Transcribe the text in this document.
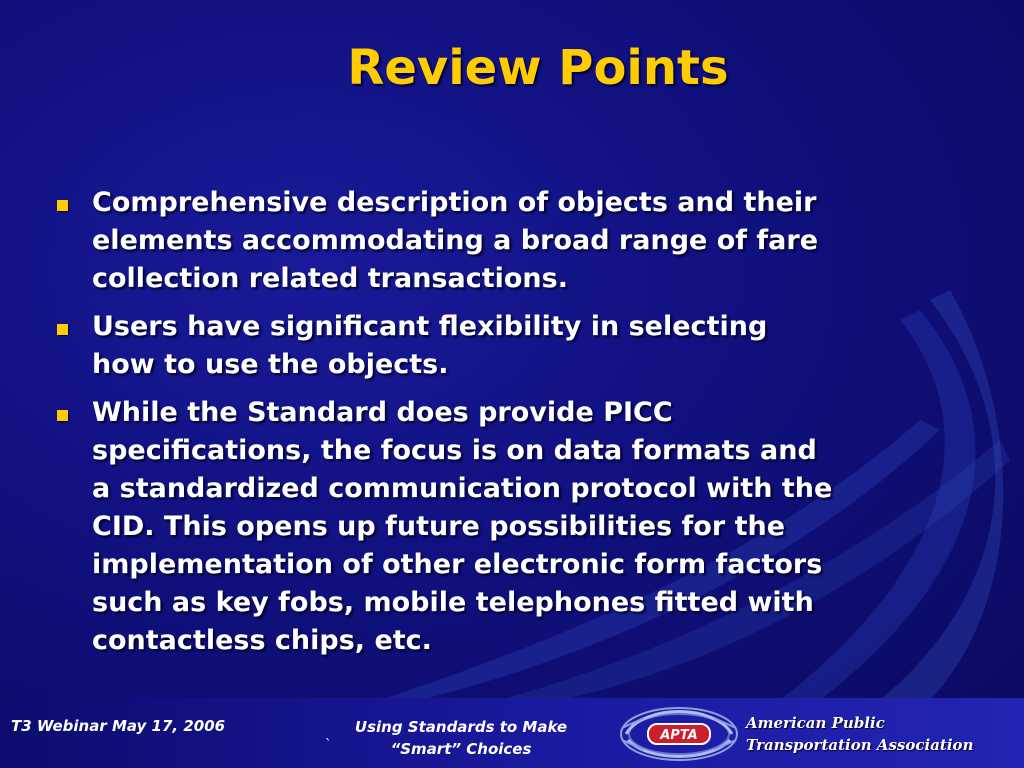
Review Points
Comprehensive description of objects and their
elements accommodating a broad range of fare
collection related transactions.
Users have significant flexibility in selecting
how to use the objects.
While the Standard does provide PICC
specifications, the focus is on data formats and
a standardized communication protocol with the
CID. This opens up future possibilities for the
implementation of other electronic form factors
such as key fobs, mobile telephones fitted with
contactless chips, etc.
T3 Webinar May 17, 2006	Using Standards to Make
“Smart” Choices
`
APTA
American Public
Transportation Association
